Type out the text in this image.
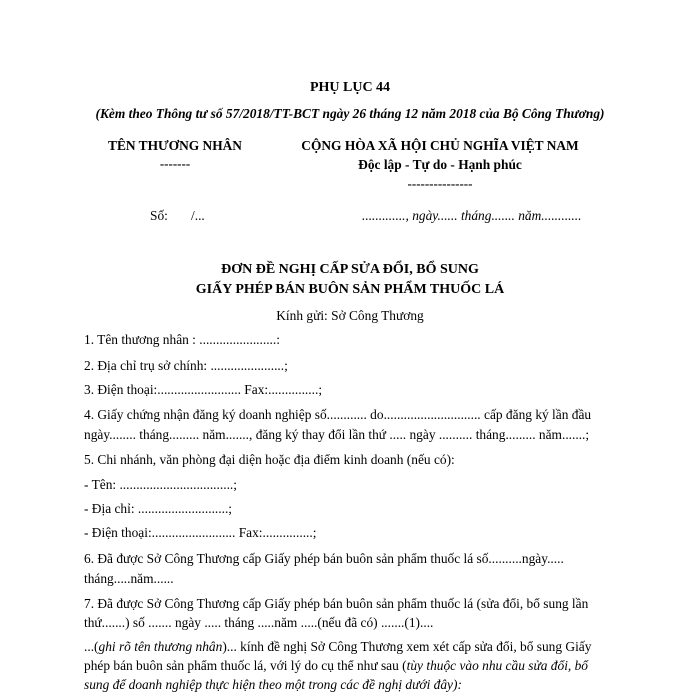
PHỤ LỤC 44
(Kèm theo Thông tư số 57/2018/TT-BCT ngày 26 tháng 12 năm 2018 của Bộ Công Thương)
TÊN THƯƠNG NHÂN
-------
CỘNG HÒA XÃ HỘI CHỦ NGHĨA VIỆT NAM
Độc lập - Tự do - Hạnh phúc
---------------
Số: /...	............., ngày...... tháng....... năm............
ĐƠN ĐỀ NGHỊ CẤP SỬA ĐỔI, BỔ SUNG
GIẤY PHÉP BÁN BUÔN SẢN PHẨM THUỐC LÁ
Kính gửi: Sở Công Thương
1. Tên thương nhân : .......................:
2. Địa chỉ trụ sở chính: ......................;
3. Điện thoại:......................... Fax:...............;
4. Giấy chứng nhận đăng ký doanh nghiệp số............ do............................. cấp đăng ký lần đầu
ngày........ tháng......... năm......., đăng ký thay đổi lần thứ ..... ngày .......... tháng......... năm.......;
5. Chi nhánh, văn phòng đại diện hoặc địa điểm kinh doanh (nếu có):
- Tên: ..................................;
- Địa chỉ: ...........................;
- Điện thoại:......................... Fax:...............;
6. Đã được Sở Công Thương cấp Giấy phép bán buôn sản phẩm thuốc lá số..........ngày.....
tháng.....năm......
7. Đã được Sở Công Thương cấp Giấy phép bán buôn sản phẩm thuốc lá (sửa đổi, bổ sung lần
thứ.......) số ....... ngày ..... tháng .....năm .....(nếu đã có) .......(1)....
...(ghi rõ tên thương nhân)... kính đề nghị Sở Công Thương xem xét cấp sửa đổi, bổ sung Giấy
phép bán buôn sản phẩm thuốc lá, với lý do cụ thể như sau (tùy thuộc vào nhu cầu sửa đổi, bổ
sung để doanh nghiệp thực hiện theo một trong các đề nghị dưới đây):
